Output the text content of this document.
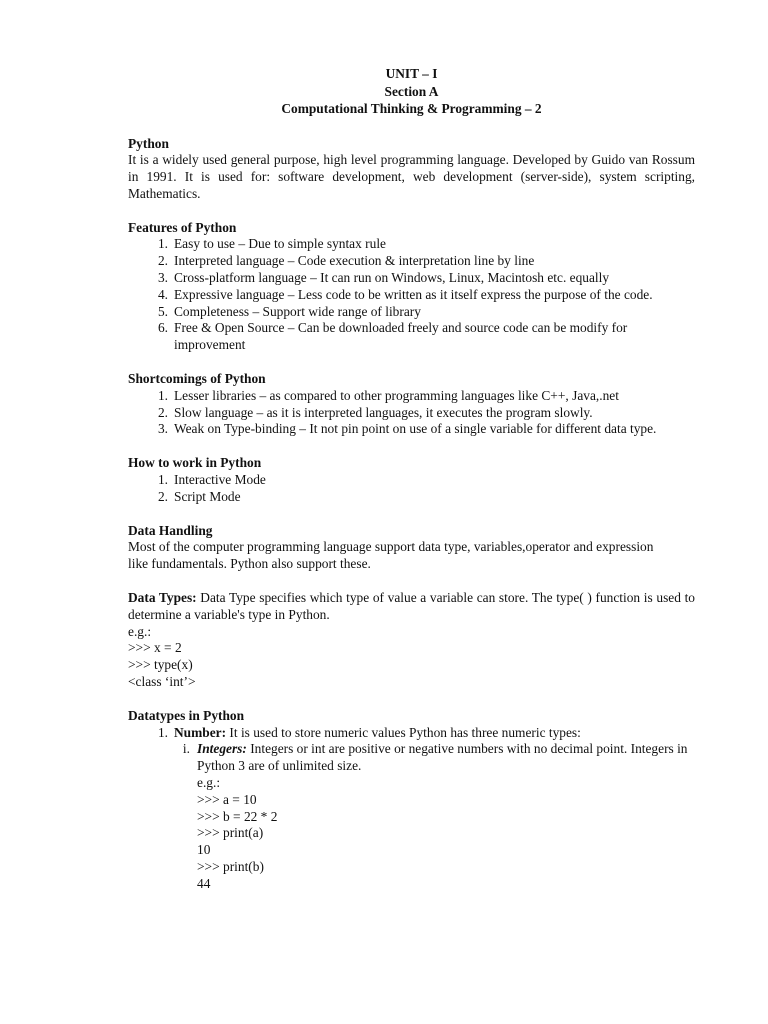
UNIT – I
Section A
Computational Thinking & Programming – 2
Python

It is a widely used general purpose, high level programming language. Developed by Guido van Rossum in 1991. It is used for: software development, web development (server-side), system scripting, Mathematics.

Features of Python
1. Easy to use – Due to simple syntax rule
2. Interpreted language – Code execution & interpretation line by line
3. Cross-platform language – It can run on Windows, Linux, Macintosh etc. equally
4. Expressive language – Less code to be written as it itself express the purpose of the code.
5. Completeness – Support wide range of library
6. Free & Open Source – Can be downloaded freely and source code can be modify for improvement
Shortcomings of Python
1. Lesser libraries – as compared to other programming languages like C++, Java,.net
2. Slow language – as it is interpreted languages, it executes the program slowly.
3. Weak on Type-binding – It not pin point on use of a single variable for different data type.
How to work in Python
1. Interactive Mode
2. Script Mode
Data Handling

Most of the computer programming language support data type, variables,operator and expression

like fundamentals. Python also support these.

Data Types: Data Type specifies which type of value a variable can store. The type( ) function is used to determine a variable's type in Python.

e.g.:
>>> x = 2
>>> type(x)
<class ‘int’>
Datatypes in Python
1. Number: It is used to store numeric values Python has three numeric types:
i. Integers: Integers or int are positive or negative numbers with no decimal point. Integers in Python 3 are of unlimited size.
e.g.:
>>> a = 10
>>> b = 22 * 2
>>> print(a)
10
>>> print(b)
44
